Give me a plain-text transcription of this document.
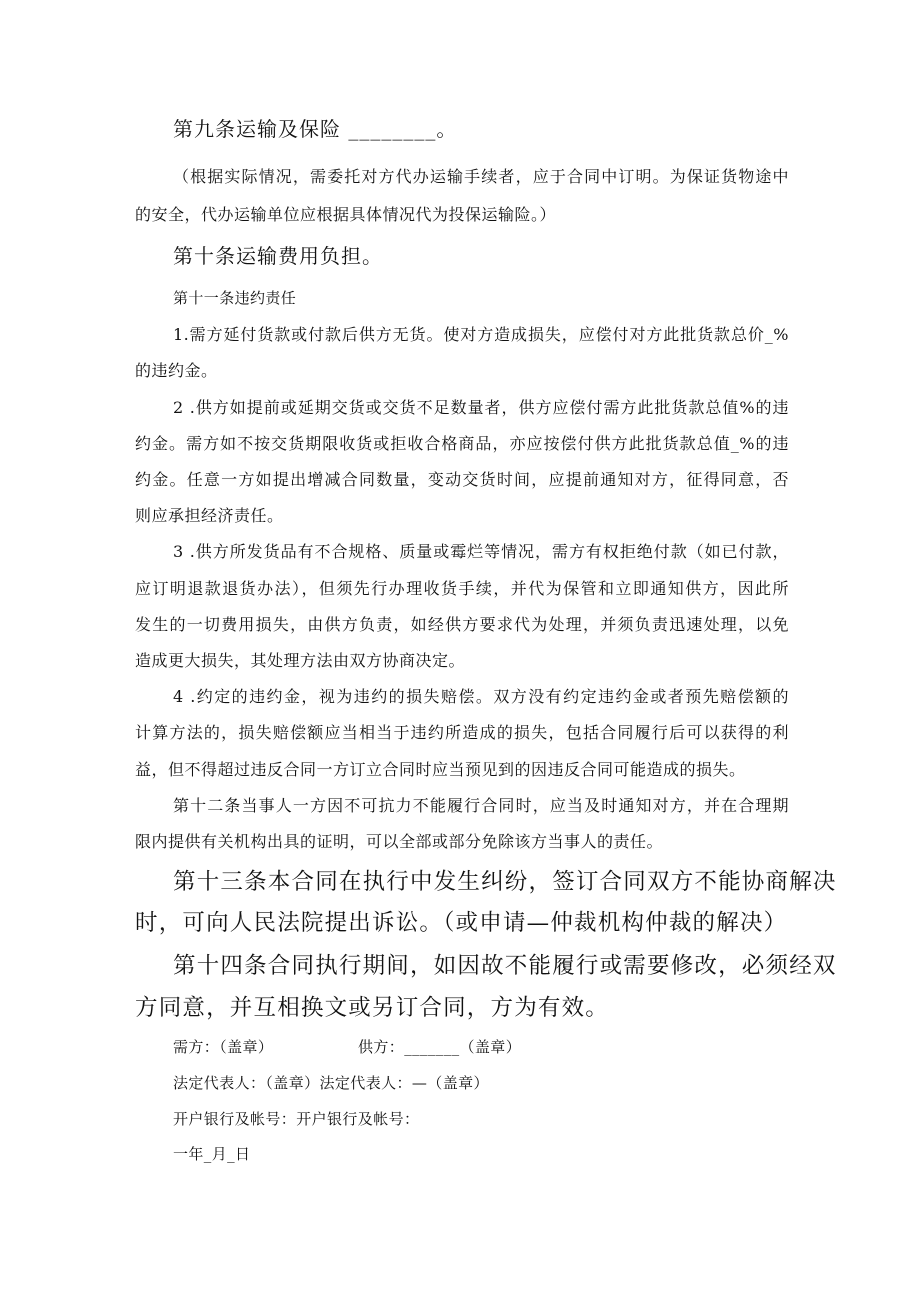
第九条运输及保险 ________。
（根据实际情况，需委托对方代办运输手续者，应于合同中订明。为保证货物途中
的安全，代办运输单位应根据具体情况代为投保运输险。）
第十条运输费用负担。
第十一条违约责任
1.需方延付货款或付款后供方无货。使对方造成损失，应偿付对方此批货款总价_%
的违约金。
2 .供方如提前或延期交货或交货不足数量者，供方应偿付需方此批货款总值%的违
约金。需方如不按交货期限收货或拒收合格商品，亦应按偿付供方此批货款总值_%的违
约金。任意一方如提出增减合同数量，变动交货时间，应提前通知对方，征得同意，否
则应承担经济责任。
3 .供方所发货品有不合规格、质量或霉烂等情况，需方有权拒绝付款（如已付款，
应订明退款退货办法），但须先行办理收货手续，并代为保管和立即通知供方，因此所
发生的一切费用损失，由供方负责，如经供方要求代为处理，并须负责迅速处理，以免
造成更大损失，其处理方法由双方协商决定。
4 .约定的违约金，视为违约的损失赔偿。双方没有约定违约金或者预先赔偿额的
计算方法的，损失赔偿额应当相当于违约所造成的损失，包括合同履行后可以获得的利
益，但不得超过违反合同一方订立合同时应当预见到的因违反合同可能造成的损失。
第十二条当事人一方因不可抗力不能履行合同时，应当及时通知对方，并在合理期
限内提供有关机构出具的证明，可以全部或部分免除该方当事人的责任。
第十三条本合同在执行中发生纠纷，签订合同双方不能协商解决
时，可向人民法院提出诉讼。（或申请—仲裁机构仲裁的解决）
第十四条合同执行期间，如因故不能履行或需要修改，必须经双
方同意，并互相换文或另订合同，方为有效。
需方：（盖章）	供方：_______（盖章）
法定代表人：（盖章）法定代表人：—（盖章）
开户银行及帐号：开户银行及帐号：
一年_月_日
